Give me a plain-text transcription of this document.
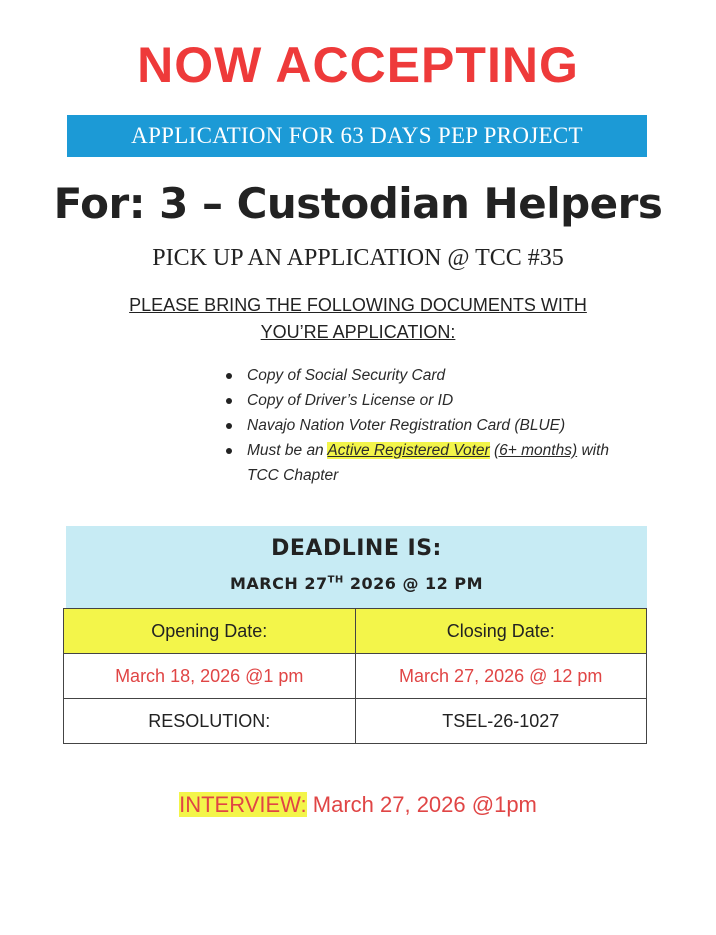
NOW ACCEPTING
APPLICATION FOR 63 DAYS PEP PROJECT
For: 3 – Custodian Helpers
PICK UP AN APPLICATION @ TCC #35
PLEASE BRING THE FOLLOWING DOCUMENTS WITH
YOU’RE APPLICATION:
Copy of Social Security Card
Copy of Driver’s License or ID
Navajo Nation Voter Registration Card (BLUE)
Must be an Active Registered Voter (6+ months) with TCC Chapter
DEADLINE IS:
MARCH 27TH 2026 @ 12 PM
Opening Date:	Closing Date:
March 18, 2026 @1 pm	March 27, 2026 @ 12 pm
RESOLUTION:	TSEL-26-1027
INTERVIEW: March 27, 2026 @1pm
